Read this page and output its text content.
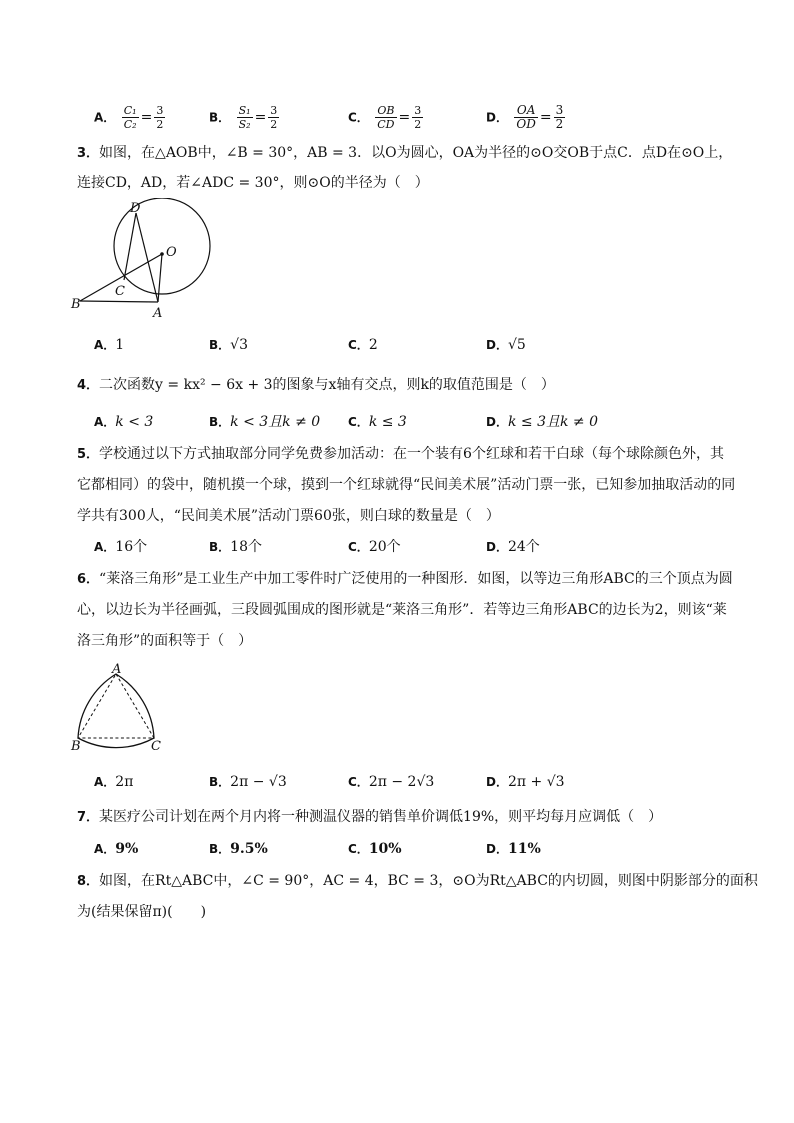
A． $\frac{\text{C₁}}{\text{C₂}} = \frac{3}{2}$	B． $\frac{\text{S₁}}{\text{S₂}} = \frac{3}{2}$	C． $\frac{OB}{CD} = \frac{3}{2}$	D． $\frac{OA}{OD} = \frac{3}{2}$
3．如图，在△AOB中，∠B = 30°，AB = 3．以O为圆心，OA为半径的⊙O交OB于点C．点D在⊙O上，
连接CD，AD，若∠ADC = 30°，则⊙O的半径为（　）
D
O
C
B
A
A．1	B．√3	C．2	D．√5
4．二次函数y = kx² − 6x + 3的图象与x轴有交点，则k的取值范围是（　）
A．k < 3	B．k < 3且k ≠ 0 C．k ≤ 3	D．k ≤ 3且k ≠ 0
5．学校通过以下方式抽取部分同学免费参加活动：在一个装有6个红球和若干白球（每个球除颜色外，其
它都相同）的袋中，随机摸一个球，摸到一个红球就得“民间美术展”活动门票一张，已知参加抽取活动的同
学共有300人，“民间美术展”活动门票60张，则白球的数量是（　）
A．16个	B．18个	C．20个	D．24个
6．“莱洛三角形”是工业生产中加工零件时广泛使用的一种图形．如图，以等边三角形ABC的三个顶点为圆
心，以边长为半径画弧，三段圆弧围成的图形就是“莱洛三角形”．若等边三角形ABC的边长为2，则该“莱
洛三角形”的面积等于（　）
A
B	C
A．2π	B．2π − √3	C．2π − 2√3	D．2π + √3
7．某医疗公司计划在两个月内将一种测温仪器的销售单价调低19%，则平均每月应调低（　）
A．9%	B．9.5%	C．10%	D．11%
8．如图，在Rt△ABC中，∠C = 90°，AC = 4，BC = 3，⊙O为Rt△ABC的内切圆，则图中阴影部分的面积
为(结果保留π)(　　)
